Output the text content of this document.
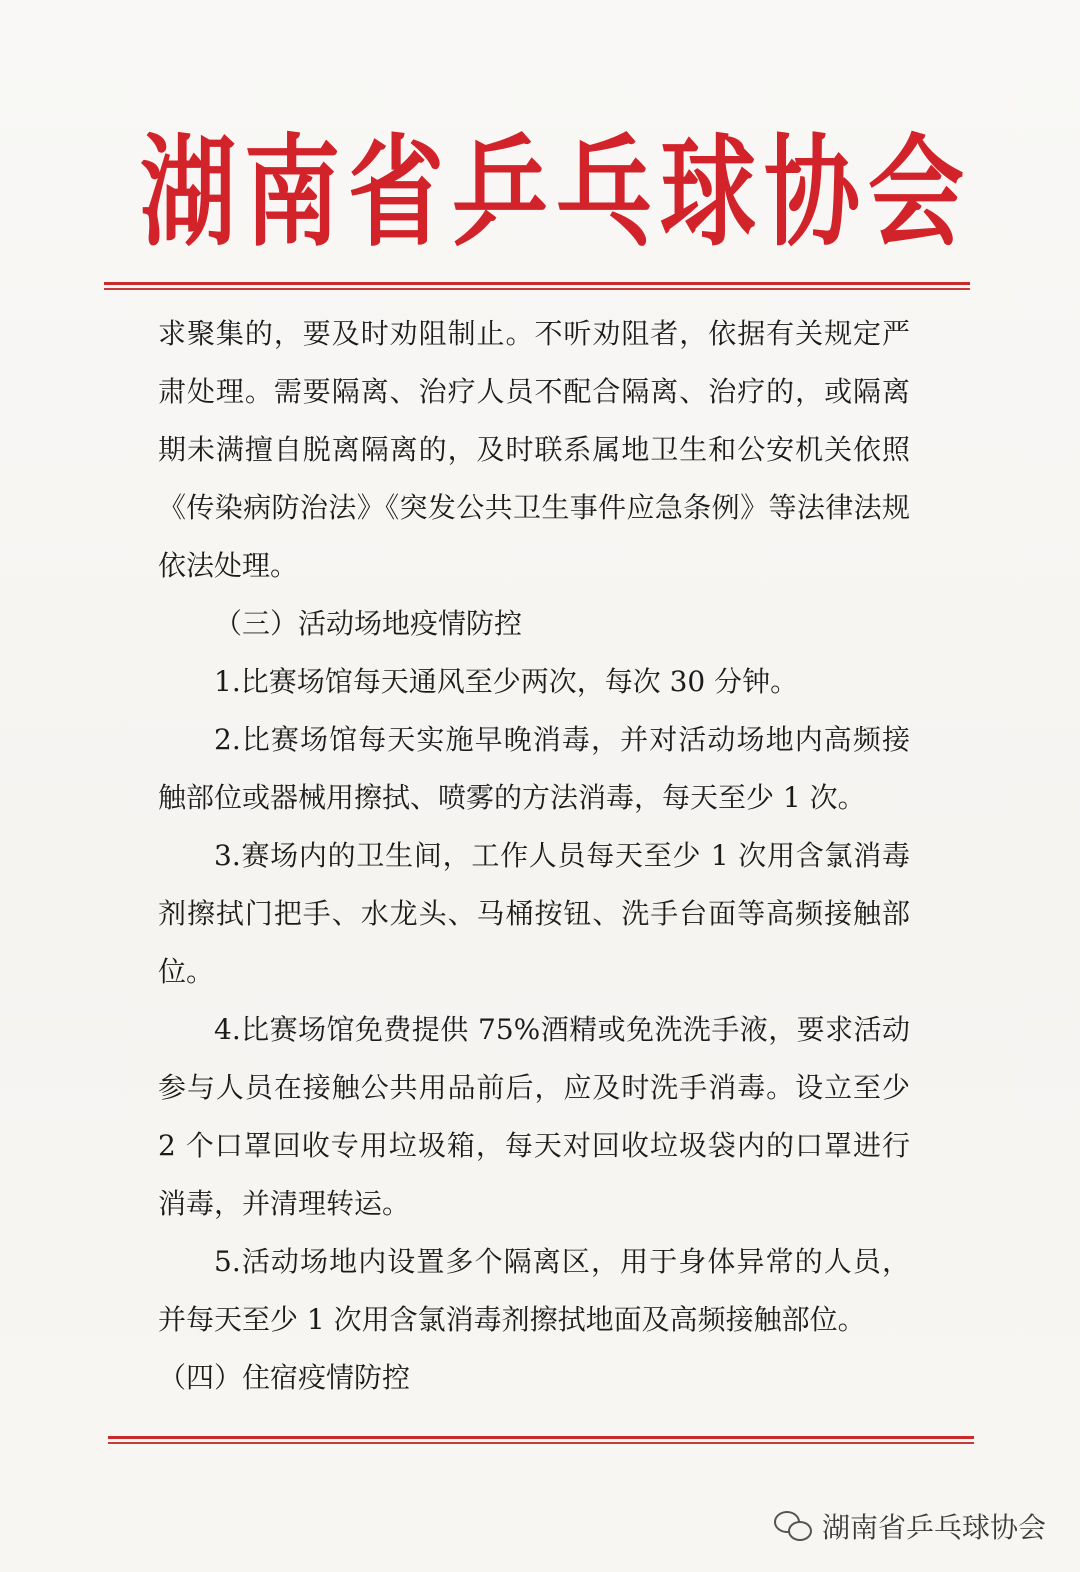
湖 南 省 乒 乓 球 协 会

求聚集的，要及时劝阻制止。不听劝阻者，依据有关规定严肃处理。需要隔离、治疗人员不配合隔离、治疗的，或隔离期未满擅自脱离隔离的，及时联系属地卫生和公安机关依照《传染病防治法》《突发公共卫生事件应急条例》等法律法规依法处理。

（三）活动场地疫情防控

1.比赛场馆每天通风至少两次，每次 30 分钟。

2.比赛场馆每天实施早晚消毒，并对活动场地内高频接触部位或器械用擦拭、喷雾的方法消毒，每天至少 1 次。

3.赛场内的卫生间，工作人员每天至少 1 次用含氯消毒剂擦拭门把手、水龙头、马桶按钮、洗手台面等高频接触部位。

4.比赛场馆免费提供 75%酒精或免洗洗手液，要求活动参与人员在接触公共用品前后，应及时洗手消毒。设立至少 2 个口罩回收专用垃圾箱，每天对回收垃圾袋内的口罩进行消毒，并清理转运。

5.活动场地内设置多个隔离区，用于身体异常的人员，并每天至少 1 次用含氯消毒剂擦拭地面及高频接触部位。

（四）住宿疫情防控

湖南省乒乓球协会
